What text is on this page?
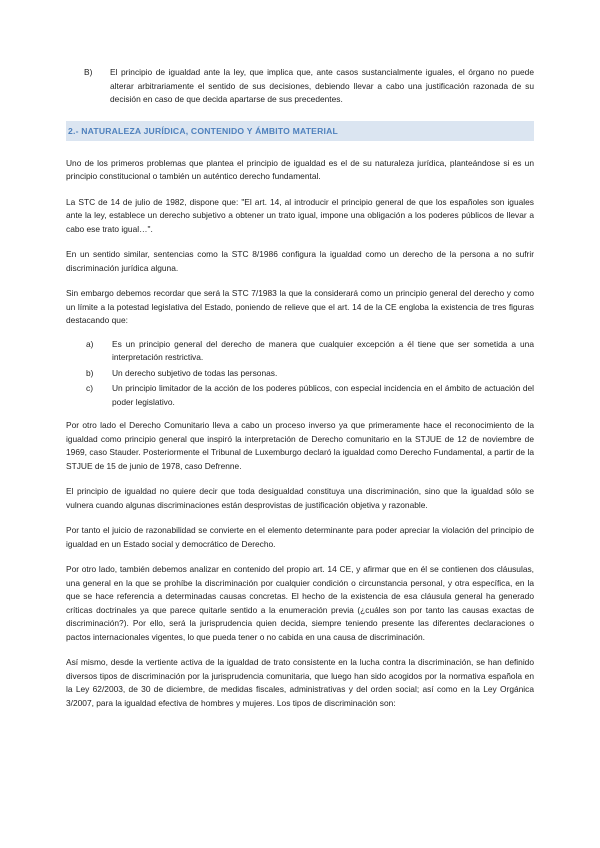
B)	El principio de igualdad ante la ley, que implica que, ante casos sustancialmente iguales, el órgano no puede alterar arbitrariamente el sentido de sus decisiones, debiendo llevar a cabo una justificación razonada de su decisión en caso de que decida apartarse de sus precedentes.
2.- NATURALEZA JURÍDICA, CONTENIDO Y ÁMBITO MATERIAL

Uno de los primeros problemas que plantea el principio de igualdad es el de su naturaleza jurídica, planteándose si es un principio constitucional o también un auténtico derecho fundamental.

La STC de 14 de julio de 1982, dispone que: "El art. 14, al introducir el principio general de que los españoles son iguales ante la ley, establece un derecho subjetivo a obtener un trato igual, impone una obligación a los poderes públicos de llevar a cabo ese trato igual…".

En un sentido similar, sentencias como la STC 8/1986 configura la igualdad como un derecho de la persona a no sufrir discriminación jurídica alguna.

Sin embargo debemos recordar que será la STC 7/1983 la que la considerará como un principio general del derecho y como un límite a la potestad legislativa del Estado, poniendo de relieve que el art. 14 de la CE engloba la existencia de tres figuras destacando que:

a)	Es un principio general del derecho de manera que cualquier excepción a él tiene que ser sometida a una interpretación restrictiva.
b)	Un derecho subjetivo de todas las personas.
c)	Un principio limitador de la acción de los poderes públicos, con especial incidencia en el ámbito de actuación del poder legislativo.

Por otro lado el Derecho Comunitario lleva a cabo un proceso inverso ya que primeramente hace el reconocimiento de la igualdad como principio general que inspiró la interpretación de Derecho comunitario en la STJUE de 12 de noviembre de 1969, caso Stauder. Posteriormente el Tribunal de Luxemburgo declaró la igualdad como Derecho Fundamental, a partir de la STJUE de 15 de junio de 1978, caso Defrenne.

El principio de igualdad no quiere decir que toda desigualdad constituya una discriminación, sino que la igualdad sólo se vulnera cuando algunas discriminaciones están desprovistas de justificación objetiva y razonable.

Por tanto el juicio de razonabilidad se convierte en el elemento determinante para poder apreciar la violación del principio de igualdad en un Estado social y democrático de Derecho.

Por otro lado, también debemos analizar en contenido del propio art. 14 CE, y afirmar que en él se contienen dos cláusulas, una general en la que se prohíbe la discriminación por cualquier condición o circunstancia personal, y otra específica, en la que se hace referencia a determinadas causas concretas. El hecho de la existencia de esa cláusula general ha generado críticas doctrinales ya que parece quitarle sentido a la enumeración previa (¿cuáles son por tanto las causas exactas de discriminación?). Por ello, será la jurisprudencia quien decida, siempre teniendo presente las diferentes declaraciones o pactos internacionales vigentes, lo que pueda tener o no cabida en una causa de discriminación.

Así mismo, desde la vertiente activa de la igualdad de trato consistente en la lucha contra la discriminación, se han definido diversos tipos de discriminación por la jurisprudencia comunitaria, que luego han sido acogidos por la normativa española en la Ley 62/2003, de 30 de diciembre, de medidas fiscales, administrativas y del orden social; así como en la Ley Orgánica 3/2007, para la igualdad efectiva de hombres y mujeres. Los tipos de discriminación son:
